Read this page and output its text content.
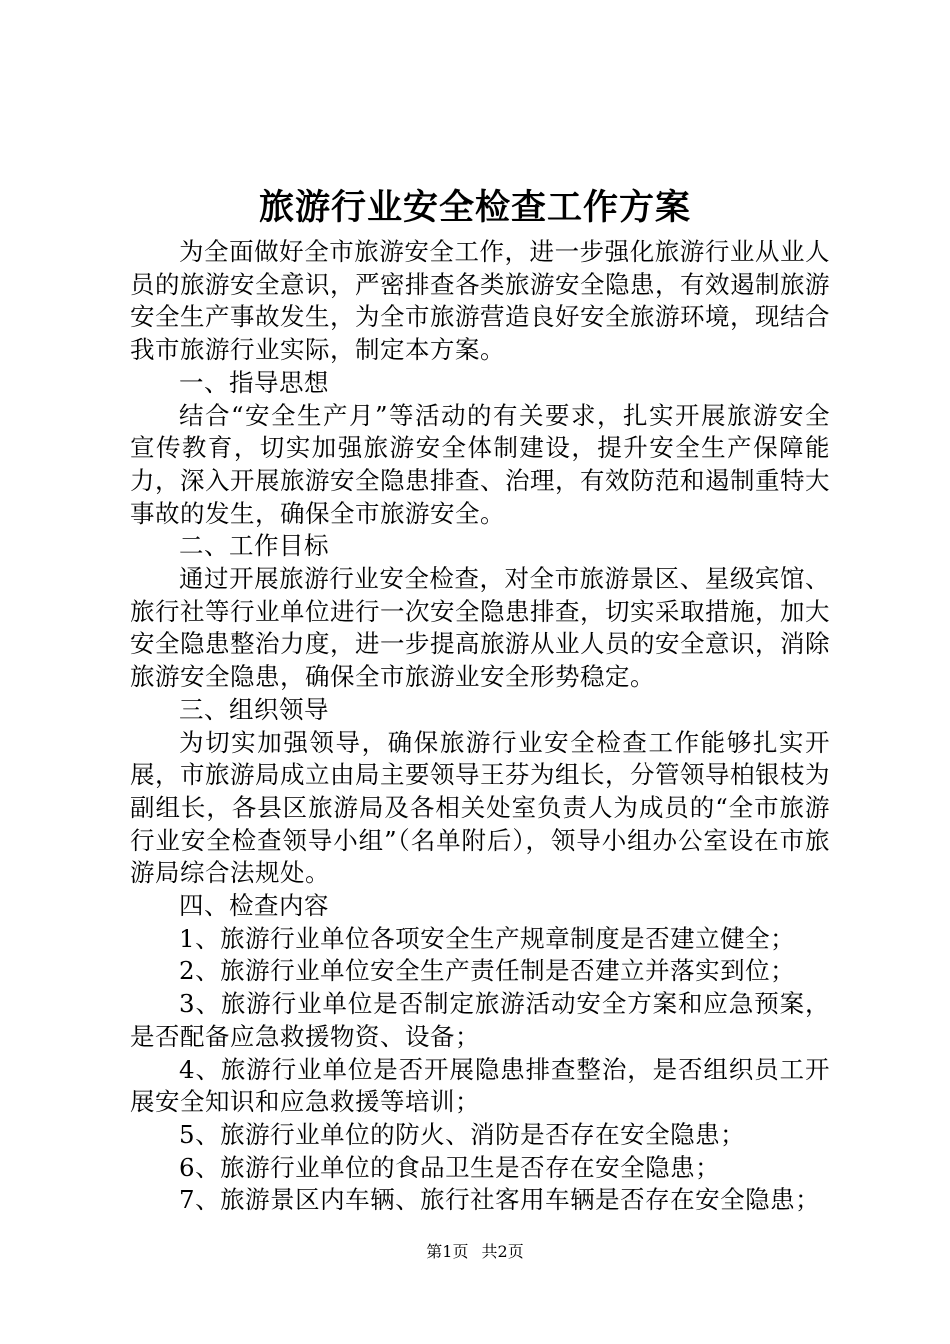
旅游行业安全检查工作方案

为全面做好全市旅游安全工作，进一步强化旅游行业从业人员的旅游安全意识，严密排查各类旅游安全隐患，有效遏制旅游安全生产事故发生，为全市旅游营造良好安全旅游环境，现结合我市旅游行业实际，制定本方案。

一、指导思想

结合“安全生产月”等活动的有关要求，扎实开展旅游安全宣传教育，切实加强旅游安全体制建设，提升安全生产保障能力，深入开展旅游安全隐患排查、治理，有效防范和遏制重特大事故的发生，确保全市旅游安全。

二、工作目标

通过开展旅游行业安全检查，对全市旅游景区、星级宾馆、旅行社等行业单位进行一次安全隐患排查，切实采取措施，加大安全隐患整治力度，进一步提高旅游从业人员的安全意识，消除旅游安全隐患，确保全市旅游业安全形势稳定。

三、组织领导

为切实加强领导，确保旅游行业安全检查工作能够扎实开展，市旅游局成立由局主要领导王芬为组长，分管领导柏银枝为副组长，各县区旅游局及各相关处室负责人为成员的“全市旅游行业安全检查领导小组”（名单附后），领导小组办公室设在市旅游局综合法规处。

四、检查内容

1、旅游行业单位各项安全生产规章制度是否建立健全；

2、旅游行业单位安全生产责任制是否建立并落实到位；

3、旅游行业单位是否制定旅游活动安全方案和应急预案，是否配备应急救援物资、设备；

4、旅游行业单位是否开展隐患排查整治，是否组织员工开展安全知识和应急救援等培训；

5、旅游行业单位的防火、消防是否存在安全隐患；

6、旅游行业单位的食品卫生是否存在安全隐患；

7、旅游景区内车辆、旅行社客用车辆是否存在安全隐患；

第1页 共2页
